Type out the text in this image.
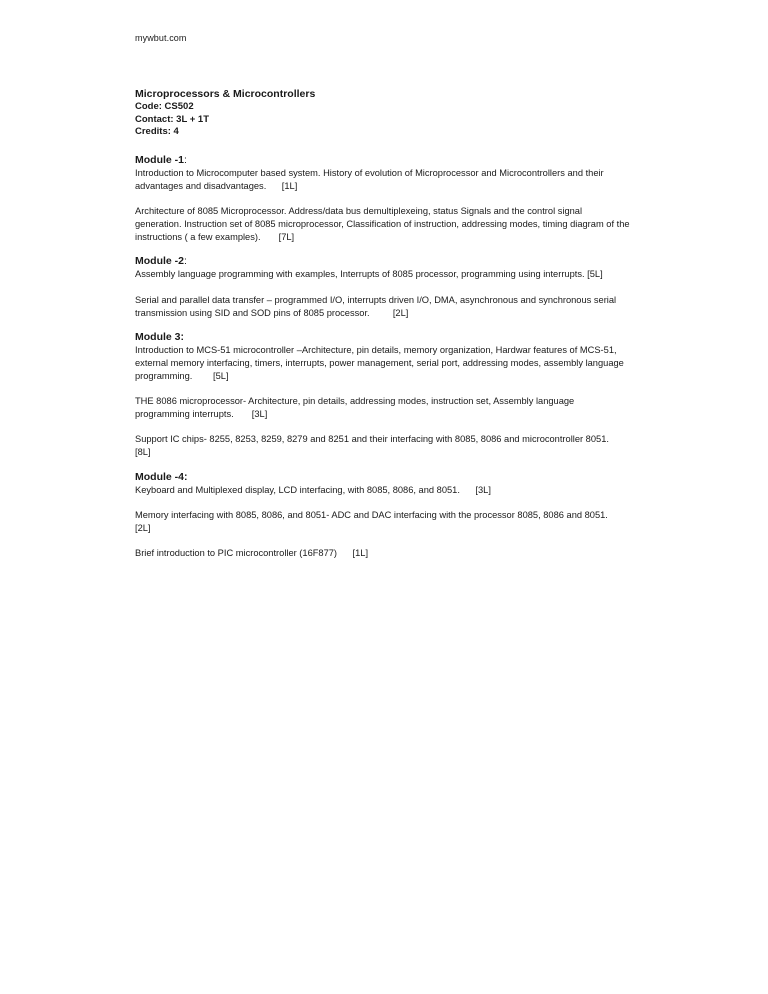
mywbut.com
Microprocessors & Microcontrollers
Code: CS502
Contact: 3L + 1T
Credits: 4

Module -1:

Introduction to Microcomputer based system. History of evolution of Microprocessor and Microcontrollers and their advantages and disadvantages.      [1L]

Architecture of 8085 Microprocessor. Address/data bus demultiplexeing, status Signals and the control signal generation. Instruction set of 8085 microprocessor, Classification of instruction, addressing modes, timing diagram of the instructions ( a few examples).       [7L]

Module -2:

Assembly language programming with examples, Interrupts of 8085 processor, programming using interrupts. [5L]

Serial and parallel data transfer – programmed I/O, interrupts driven I/O, DMA, asynchronous and synchronous serial transmission using SID and SOD pins of 8085 processor.         [2L]

Module 3:

Introduction to MCS-51 microcontroller –Architecture, pin details, memory organization, Hardwar features of MCS-51, external memory interfacing, timers, interrupts, power management, serial port, addressing modes, assembly language programming.        [5L]

THE 8086 microprocessor- Architecture, pin details, addressing modes, instruction set, Assembly language programming interrupts.       [3L]

Support IC chips- 8255, 8253, 8259, 8279 and 8251 and their interfacing with 8085, 8086 and microcontroller 8051.       [8L]

Module -4:

Keyboard and Multiplexed display, LCD interfacing, with 8085, 8086, and 8051.      [3L]

Memory interfacing with 8085, 8086, and 8051- ADC and DAC interfacing with the processor 8085, 8086 and 8051.     [2L]

Brief introduction to PIC microcontroller (16F877)      [1L]
